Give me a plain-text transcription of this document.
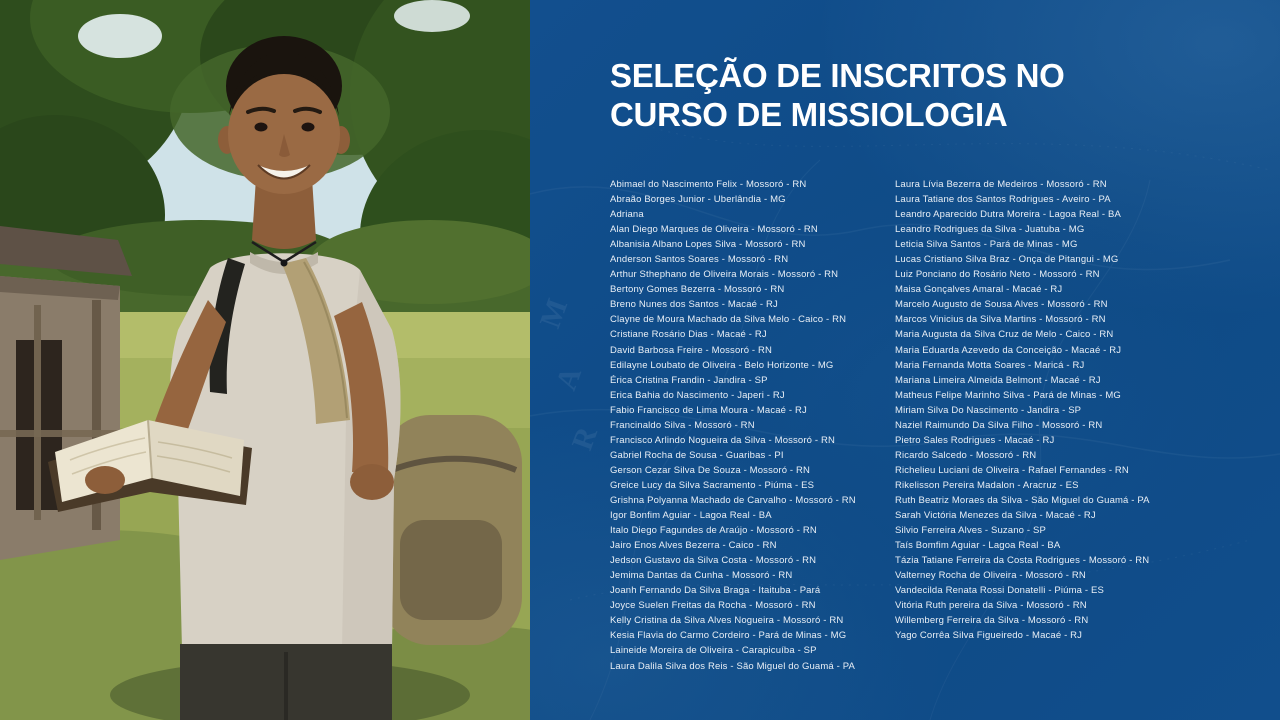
M
A
R
SELEÇÃO DE INSCRITOS NO
CURSO DE MISSIOLOGIA
Abimael do Nascimento Felix - Mossoró - RN
Abraão Borges Junior - Uberlândia - MG
Adriana
Alan Diego Marques de Oliveira - Mossoró - RN
Albanisia Albano Lopes Silva - Mossoró - RN
Anderson Santos Soares - Mossoró - RN
Arthur Sthephano de Oliveira Morais - Mossoró - RN
Bertony Gomes Bezerra - Mossoró - RN
Breno Nunes dos Santos - Macaé - RJ
Clayne de Moura Machado da Silva Melo - Caico - RN
Cristiane Rosário Dias - Macaé - RJ
David Barbosa Freire - Mossoró - RN
Edilayne Loubato de Oliveira - Belo Horizonte - MG
Érica Cristina Frandin - Jandira - SP
Erica Bahia do Nascimento - Japeri - RJ
Fabio Francisco de Lima Moura - Macaé - RJ
Francinaldo Silva - Mossoró - RN
Francisco Arlindo Nogueira da Silva - Mossoró - RN
Gabriel Rocha de Sousa - Guaribas - PI
Gerson Cezar Silva De Souza - Mossoró - RN
Greice Lucy da Silva Sacramento - Piúma - ES
Grishna Polyanna Machado de Carvalho - Mossoró - RN
Igor Bonfim Aguiar - Lagoa Real - BA
Italo Diego Fagundes de Araújo - Mossoró - RN
Jairo Enos Alves Bezerra - Caico - RN
Jedson Gustavo da Silva Costa - Mossoró - RN
Jemima Dantas da Cunha - Mossoró - RN
Joanh Fernando Da Silva Braga - Itaituba - Pará
Joyce Suelen Freitas da Rocha - Mossoró - RN
Kelly Cristina da Silva Alves Nogueira - Mossoró - RN
Kesia Flavia do Carmo Cordeiro - Pará de Minas - MG
Laineide Moreira de Oliveira - Carapicuíba - SP
Laura Dalila Silva dos Reis - São Miguel do Guamá - PA
Laura Lívia Bezerra de Medeiros - Mossoró - RN
Laura Tatiane dos Santos Rodrigues - Aveiro - PA
Leandro Aparecido Dutra Moreira - Lagoa Real - BA
Leandro Rodrigues da Silva - Juatuba - MG
Leticia Silva Santos - Pará de Minas - MG
Lucas Cristiano Silva Braz - Onça de Pitangui - MG
Luiz Ponciano do Rosário Neto - Mossoró - RN
Maisa Gonçalves Amaral - Macaé - RJ
Marcelo Augusto de Sousa Alves - Mossoró - RN
Marcos Vinicius da Silva Martins - Mossoró - RN
Maria Augusta da Silva Cruz de Melo - Caico - RN
Maria Eduarda Azevedo da Conceição - Macaé - RJ
Maria Fernanda Motta Soares - Maricá - RJ
Mariana Limeira Almeida Belmont - Macaé - RJ
Matheus Felipe Marinho Silva - Pará de Minas - MG
Miriam Silva Do Nascimento - Jandira - SP
Naziel Raimundo Da Silva Filho - Mossoró - RN
Pietro Sales Rodrigues - Macaé - RJ
Ricardo Salcedo - Mossoró - RN
Richelieu Luciani de Oliveira - Rafael Fernandes - RN
Rikelisson Pereira Madalon - Aracruz - ES
Ruth Beatriz Moraes da Silva - São Miguel do Guamá - PA
Sarah Victória Menezes da Silva - Macaé - RJ
Silvio Ferreira Alves - Suzano - SP
Taís Bomfim Aguiar - Lagoa Real - BA
Tázia Tatiane Ferreira da Costa Rodrigues - Mossoró - RN
Valterney Rocha de Oliveira - Mossoró - RN
Vandecilda Renata Rossi Donatelli - Piúma - ES
Vitória Ruth pereira da Silva - Mossoró - RN
Willemberg Ferreira da Silva - Mossoró - RN
Yago Corrêa Silva Figueiredo - Macaé - RJ
